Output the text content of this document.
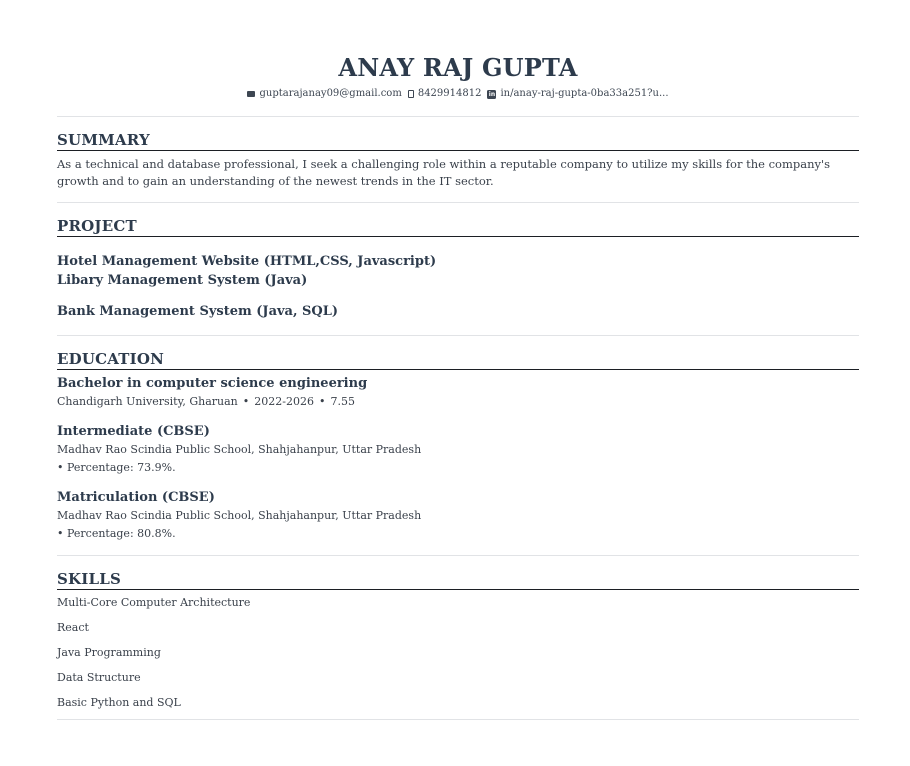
ANAY RAJ GUPTA
guptarajanay09@gmail.com 8429914812 in in/anay-raj-gupta-0ba33a251?u...
SUMMARY
As a technical and database professional, I seek a challenging role within a reputable company to utilize my skills for the company's growth and to gain an understanding of the newest trends in the IT sector.
PROJECT
Hotel Management Website (HTML,CSS, Javascript)
Libary Management System (Java)
Bank Management System (Java, SQL)
EDUCATION
Bachelor in computer science engineering
Chandigarh University, Gharuan • 2022-2026 • 7.55
Intermediate (CBSE)
Madhav Rao Scindia Public School, Shahjahanpur, Uttar Pradesh
• Percentage: 73.9%.
Matriculation (CBSE)
Madhav Rao Scindia Public School, Shahjahanpur, Uttar Pradesh
• Percentage: 80.8%.
SKILLS
Multi-Core Computer Architecture
React
Java Programming
Data Structure
Basic Python and SQL
